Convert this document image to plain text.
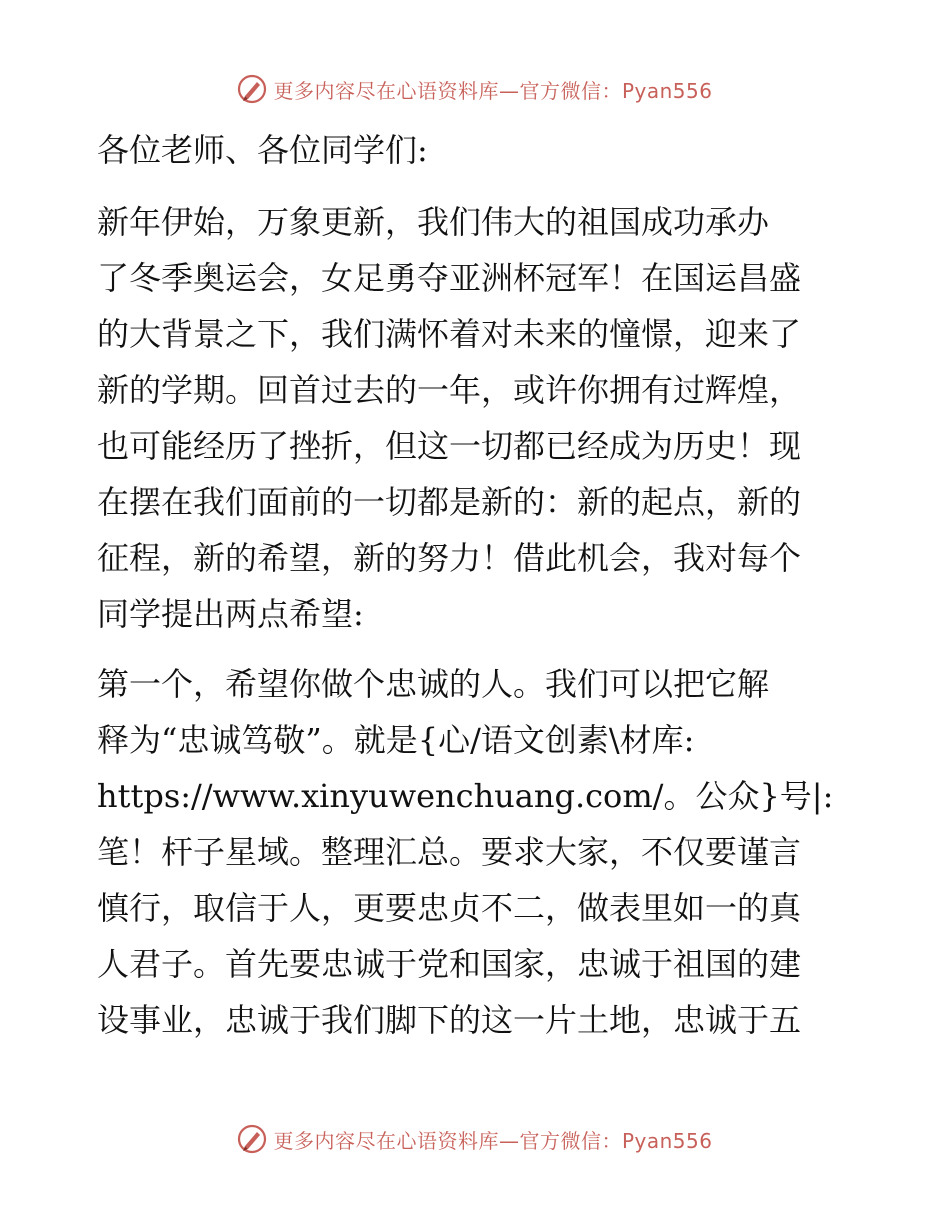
更多内容尽在心语资料库—官方微信：Pyan556
各位老师、各位同学们:
新年伊始，万象更新，我们伟大的祖国成功承办
了冬季奥运会，女足勇夺亚洲杯冠军！在国运昌盛
的大背景之下，我们满怀着对未来的憧憬，迎来了
新的学期。回首过去的一年，或许你拥有过辉煌，
也可能经历了挫折，但这一切都已经成为历史！现
在摆在我们面前的一切都是新的：新的起点，新的
征程，新的希望，新的努力！借此机会，我对每个
同学提出两点希望:
第一个，希望你做个忠诚的人。我们可以把它解
释为“忠诚笃敬”。就是{心/语文创素\材库:
https://www.xinyuwenchuang.com/。公众}号|:
笔！杆子星域。整理汇总。要求大家，不仅要谨言
慎行，取信于人，更要忠贞不二，做表里如一的真
人君子。首先要忠诚于党和国家，忠诚于祖国的建
设事业，忠诚于我们脚下的这一片土地，忠诚于五
更多内容尽在心语资料库—官方微信：Pyan556
